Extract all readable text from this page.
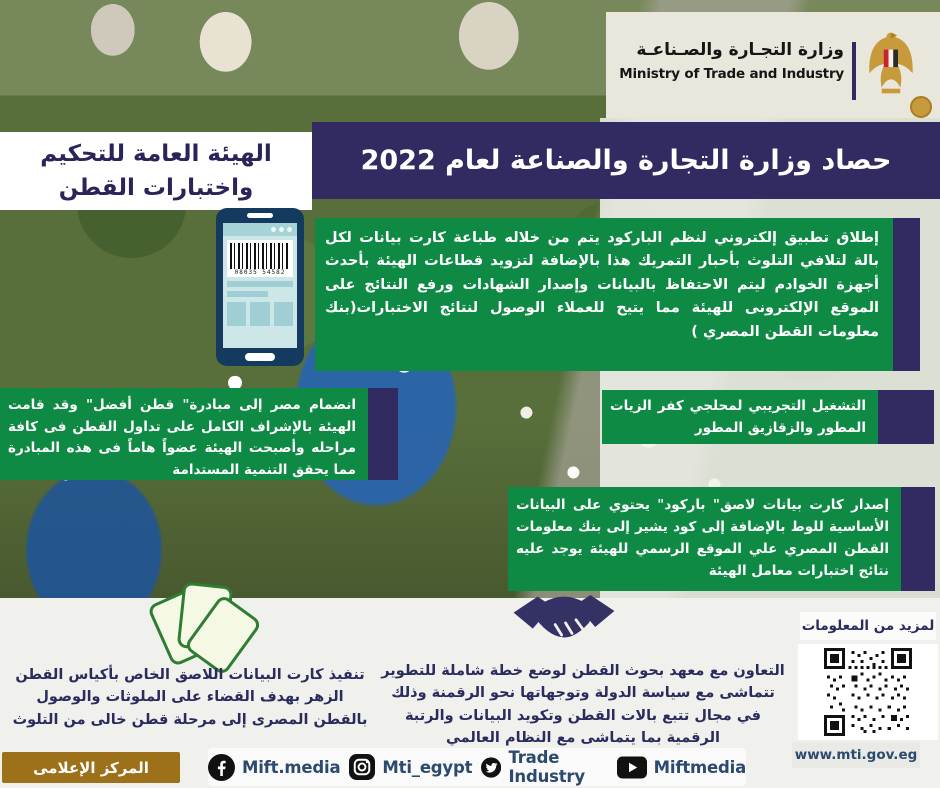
وزارة التجـارة والصـناعـة
Ministry of Trade and Industry
الهيئة العامة للتحكيم
واختبارات القطن
حصاد وزارة التجارة والصناعة لعام 2022
08035 54582
إطلاق تطبيق إلكتروني لنظم الباركود يتم من خلاله طباعة كارت بيانات لكل بالة لتلافي التلوث بأحبار التمريك هذا بالإضافة لتزويد قطاعات الهيئة بأحدث أجهزة الخوادم ليتم الاحتفاظ بالبيانات وإصدار الشهادات ورفع النتائج على الموقع الإلكترونى للهيئة مما يتيح للعملاء الوصول لنتائج الاختبارات(بنك معلومات القطن المصري )
انضمام مصر إلى مبادرة" قطن أفضل" وقد قامت الهيئة بالإشراف الكامل على تداول القطن فى كافة مراحله وأصبحت الهيئة عضواً هاماً فى هذه المبادرة مما يحقق التنمية المستدامة
التشغيل التجريبي لمحلجي كفر الزيات المطور والزقازيق المطور
إصدار كارت بيانات لاصق" باركود" يحتوي على البيانات الأساسية للوط بالإضافة إلى كود يشير إلى بنك معلومات القطن المصري علي الموقع الرسمي للهيئة يوجد عليه نتائج اختبارات معامل الهيئة
تنفيذ كارت البيانات اللاصق الخاص بأكياس القطن الزهر بهدف القضاء على الملوثات والوصول بالقطن المصرى إلى مرحلة قطن خالى من التلوث
التعاون مع معهد بحوث القطن لوضع خطة شاملة للتطوير تتماشى مع سياسة الدولة وتوجهاتها نحو الرقمنة وذلك في مجال تتبع بالات القطن وتكويد البيانات والرتبة الرقمية بما يتماشى مع النظام العالمي
لمزيد من المعلومات
www.mti.gov.eg
المركز الإعلامى	Mift.media	Mti_egypt Trade Industry	Miftmedia
